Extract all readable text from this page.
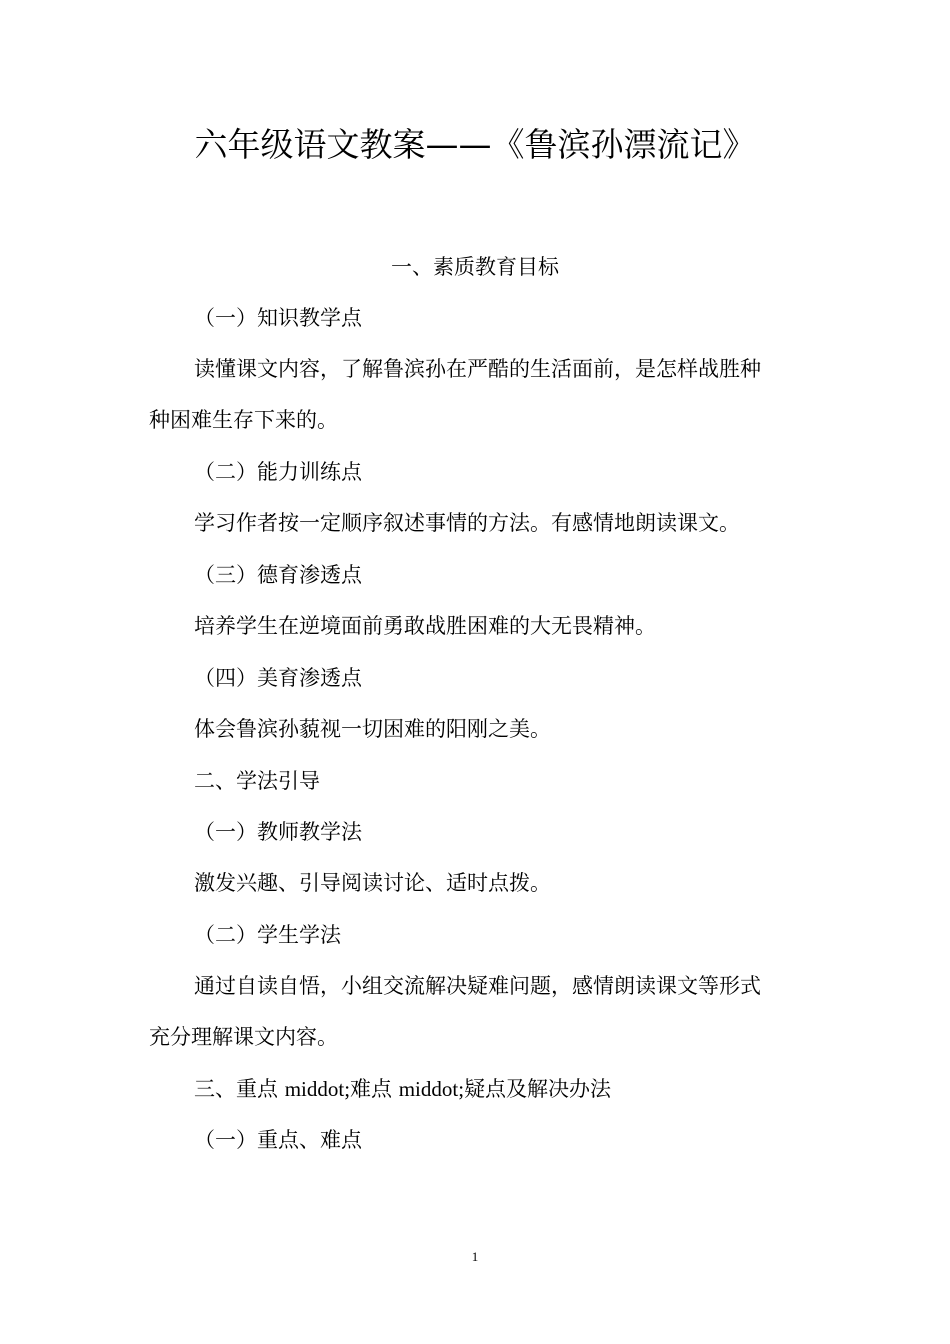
六年级语文教案——《鲁滨孙漂流记》
一、素质教育目标
（一）知识教学点
读懂课文内容，了解鲁滨孙在严酷的生活面前，是怎样战胜种
种困难生存下来的。
（二）能力训练点
学习作者按一定顺序叙述事情的方法。有感情地朗读课文。
（三）德育渗透点
培养学生在逆境面前勇敢战胜困难的大无畏精神。
（四）美育渗透点
体会鲁滨孙藐视一切困难的阳刚之美。
二、学法引导
（一）教师教学法
激发兴趣、引导阅读讨论、适时点拨。
（二）学生学法
通过自读自悟，小组交流解决疑难问题，感情朗读课文等形式
充分理解课文内容。
三、重点 middot;难点 middot;疑点及解决办法
（一）重点、难点
1
